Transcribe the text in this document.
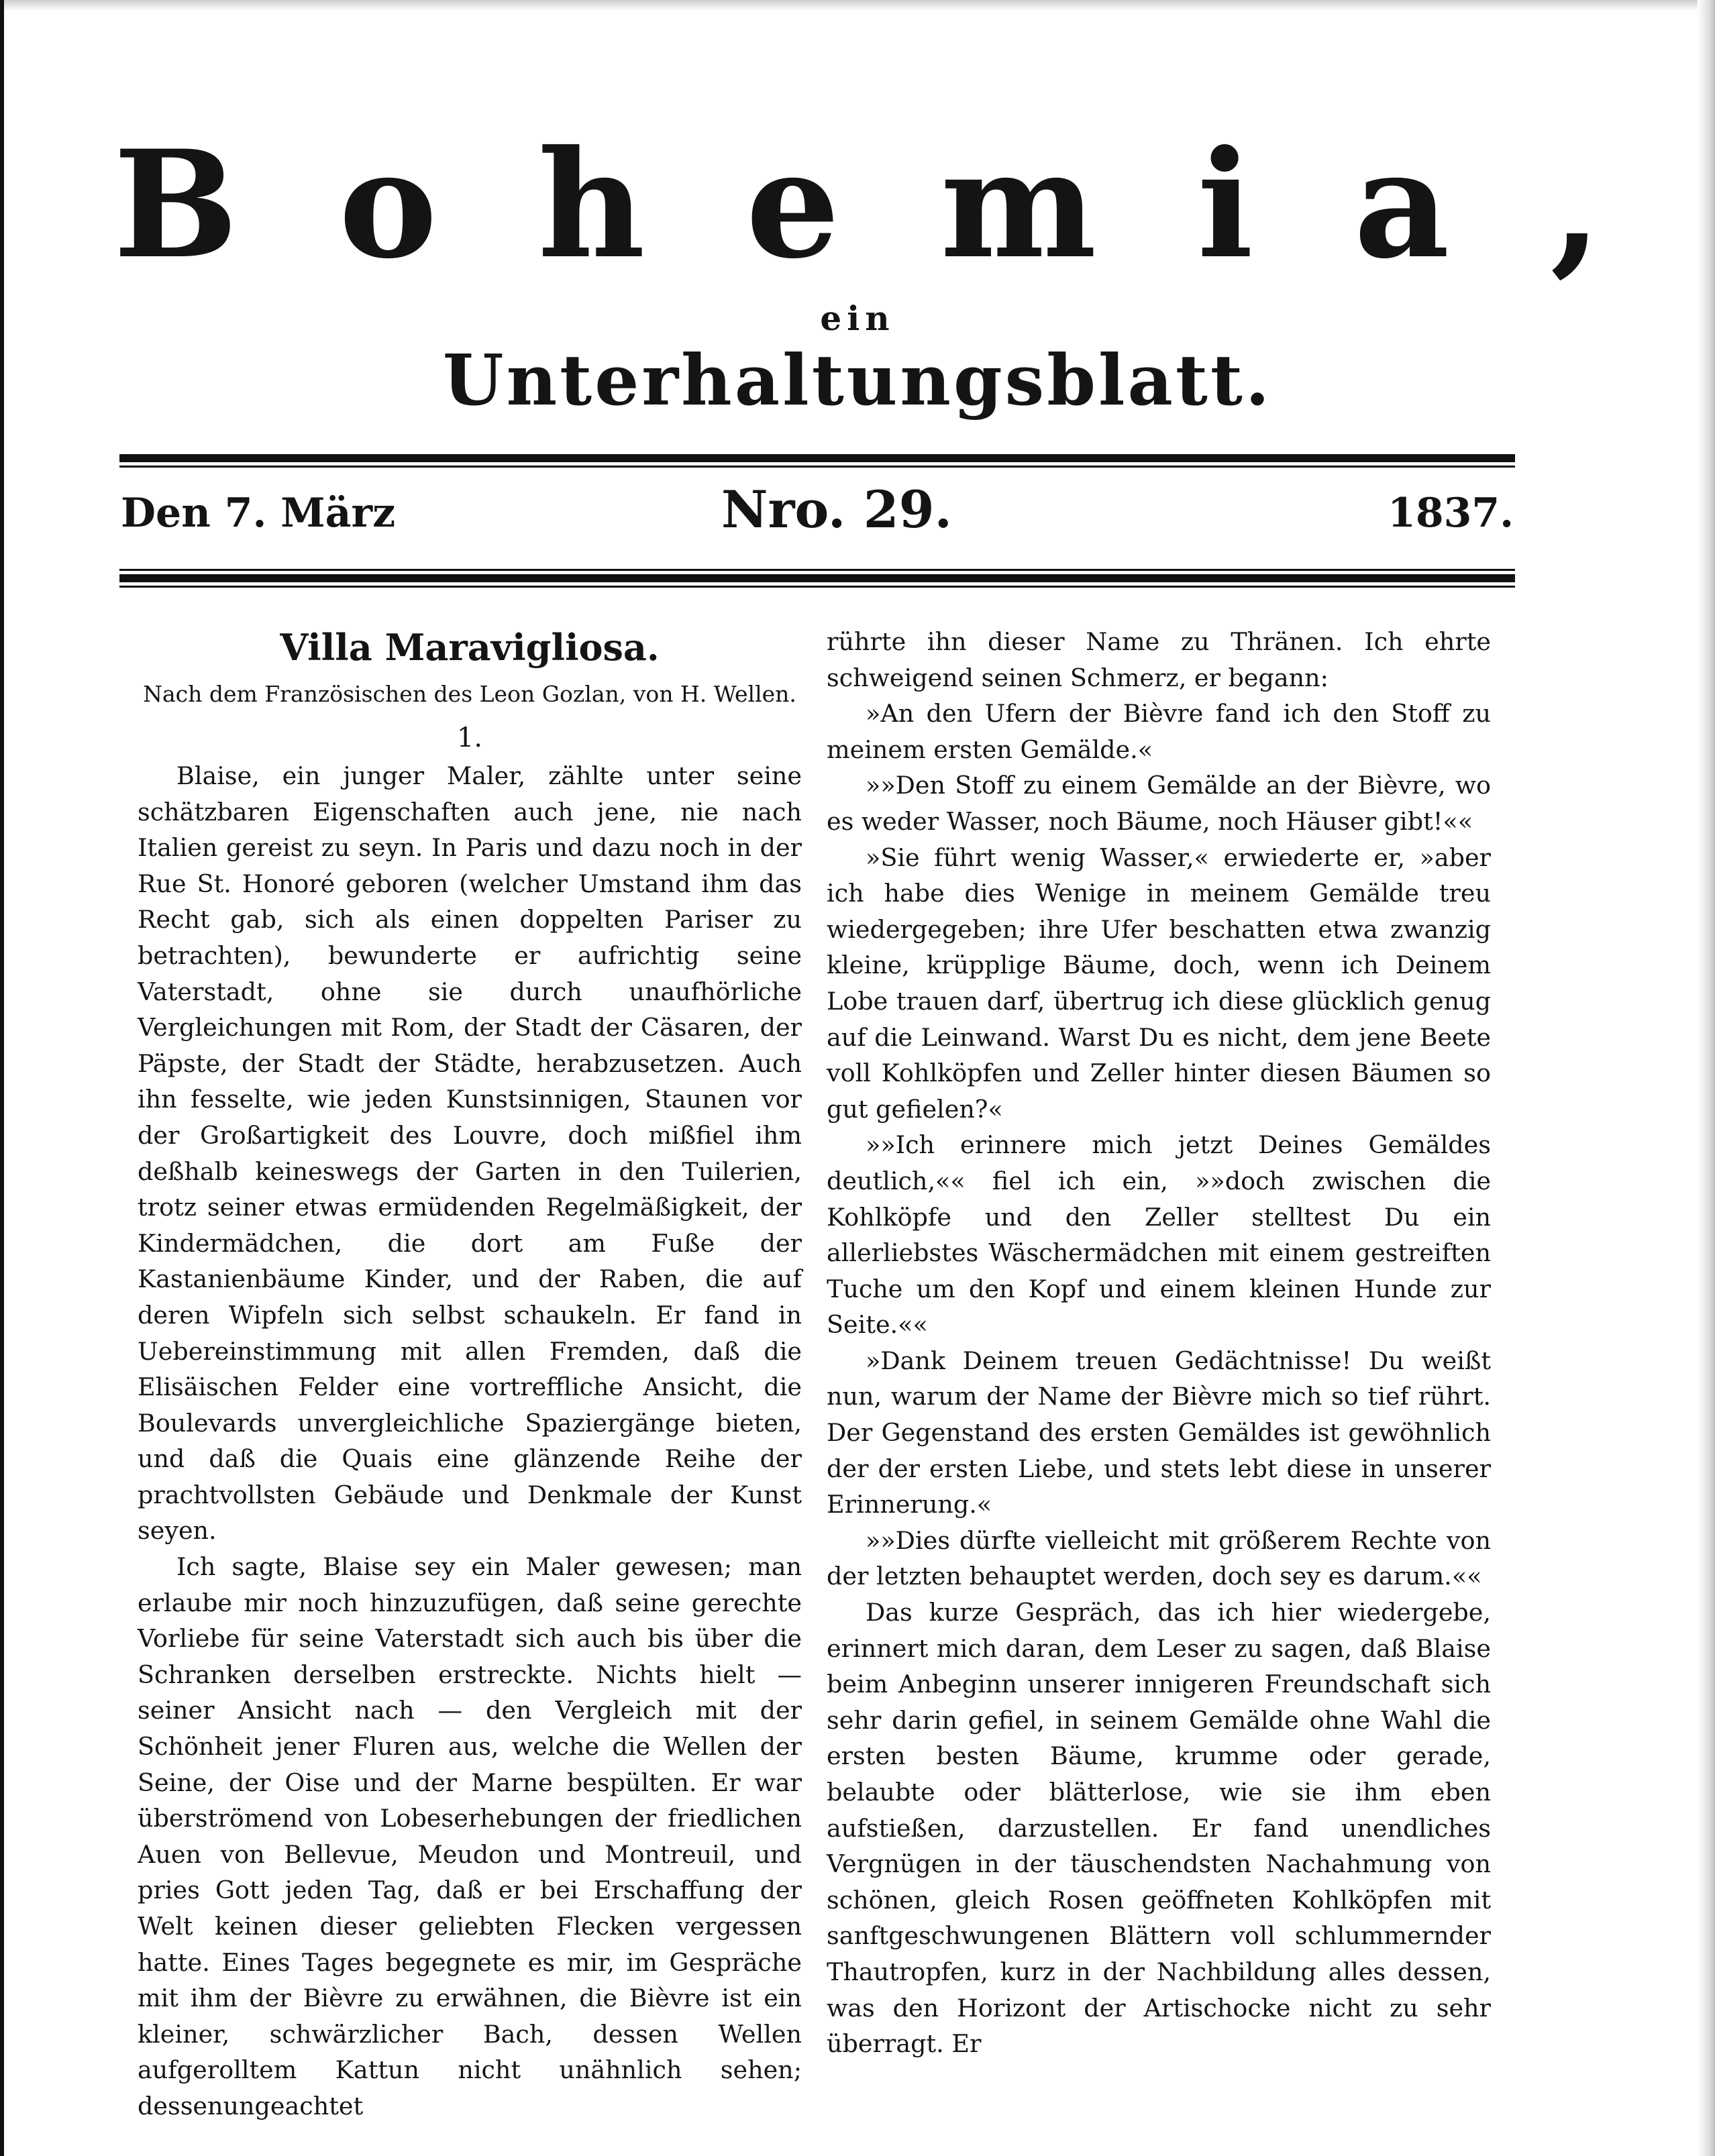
Bohemia,
ein
Unterhaltungsblatt.
Den 7. März	Nro. 29.	1837.
Villa Maravigliosa.
Nach dem Französischen des Leon Gozlan, von H. Wellen.
1.

Blaise, ein junger Maler, zählte unter seine schätzbaren Eigenschaften auch jene, nie nach Italien gereist zu seyn. In Paris und dazu noch in der Rue St. Honoré geboren (welcher Umstand ihm das Recht gab, sich als einen doppelten Pariser zu betrachten), bewunderte er aufrichtig seine Vaterstadt, ohne sie durch unaufhörliche Vergleichungen mit Rom, der Stadt der Cäsaren, der Päpste, der Stadt der Städte, herabzusetzen. Auch ihn fesselte, wie jeden Kunstsinnigen, Staunen vor der Großartigkeit des Louvre, doch mißfiel ihm deßhalb keineswegs der Garten in den Tuilerien, trotz seiner etwas ermüdenden Regelmäßigkeit, der Kindermädchen, die dort am Fuße der Kastanienbäume Kinder, und der Raben, die auf deren Wipfeln sich selbst schaukeln. Er fand in Uebereinstimmung mit allen Fremden, daß die Elisäischen Felder eine vortreffliche Ansicht, die Boulevards unvergleichliche Spaziergänge bieten, und daß die Quais eine glänzende Reihe der prachtvollsten Gebäude und Denkmale der Kunst seyen.

Ich sagte, Blaise sey ein Maler gewesen; man erlaube mir noch hinzuzufügen, daß seine gerechte Vorliebe für seine Vaterstadt sich auch bis über die Schranken derselben erstreckte. Nichts hielt — seiner Ansicht nach — den Vergleich mit der Schönheit jener Fluren aus, welche die Wellen der Seine, der Oise und der Marne bespülten. Er war überströmend von Lobeserhebungen der friedlichen Auen von Bellevue, Meudon und Montreuil, und pries Gott jeden Tag, daß er bei Erschaffung der Welt keinen dieser geliebten Flecken vergessen hatte. Eines Tages begegnete es mir, im Gespräche mit ihm der Bièvre zu erwähnen, die Bièvre ist ein kleiner, schwärzlicher Bach, dessen Wellen aufgerolltem Kattun nicht unähnlich sehen; dessenungeachtet

rührte ihn dieser Name zu Thränen. Ich ehrte schweigend seinen Schmerz, er begann:

»An den Ufern der Bièvre fand ich den Stoff zu meinem ersten Gemälde.«

»»Den Stoff zu einem Gemälde an der Bièvre, wo es weder Wasser, noch Bäume, noch Häuser gibt!««

»Sie führt wenig Wasser,« erwiederte er, »aber ich habe dies Wenige in meinem Gemälde treu wiedergegeben; ihre Ufer beschatten etwa zwanzig kleine, krüpplige Bäume, doch, wenn ich Deinem Lobe trauen darf, übertrug ich diese glücklich genug auf die Leinwand. Warst Du es nicht, dem jene Beete voll Kohlköpfen und Zeller hinter diesen Bäumen so gut gefielen?«

»»Ich erinnere mich jetzt Deines Gemäldes deutlich,«« fiel ich ein, »»doch zwischen die Kohlköpfe und den Zeller stelltest Du ein allerliebstes Wäschermädchen mit einem gestreiften Tuche um den Kopf und einem kleinen Hunde zur Seite.««

»Dank Deinem treuen Gedächtnisse! Du weißt nun, warum der Name der Bièvre mich so tief rührt. Der Gegenstand des ersten Gemäldes ist gewöhnlich der der ersten Liebe, und stets lebt diese in unserer Erinnerung.«

»»Dies dürfte vielleicht mit größerem Rechte von der letzten behauptet werden, doch sey es darum.««

Das kurze Gespräch, das ich hier wiedergebe, erinnert mich daran, dem Leser zu sagen, daß Blaise beim Anbeginn unserer innigeren Freundschaft sich sehr darin gefiel, in seinem Gemälde ohne Wahl die ersten besten Bäume, krumme oder gerade, belaubte oder blätterlose, wie sie ihm eben aufstießen, darzustellen. Er fand unendliches Vergnügen in der täuschendsten Nachahmung von schönen, gleich Rosen geöffneten Kohlköpfen mit sanftgeschwungenen Blättern voll schlummernder Thautropfen, kurz in der Nachbildung alles dessen, was den Horizont der Artischocke nicht zu sehr überragt. Er
